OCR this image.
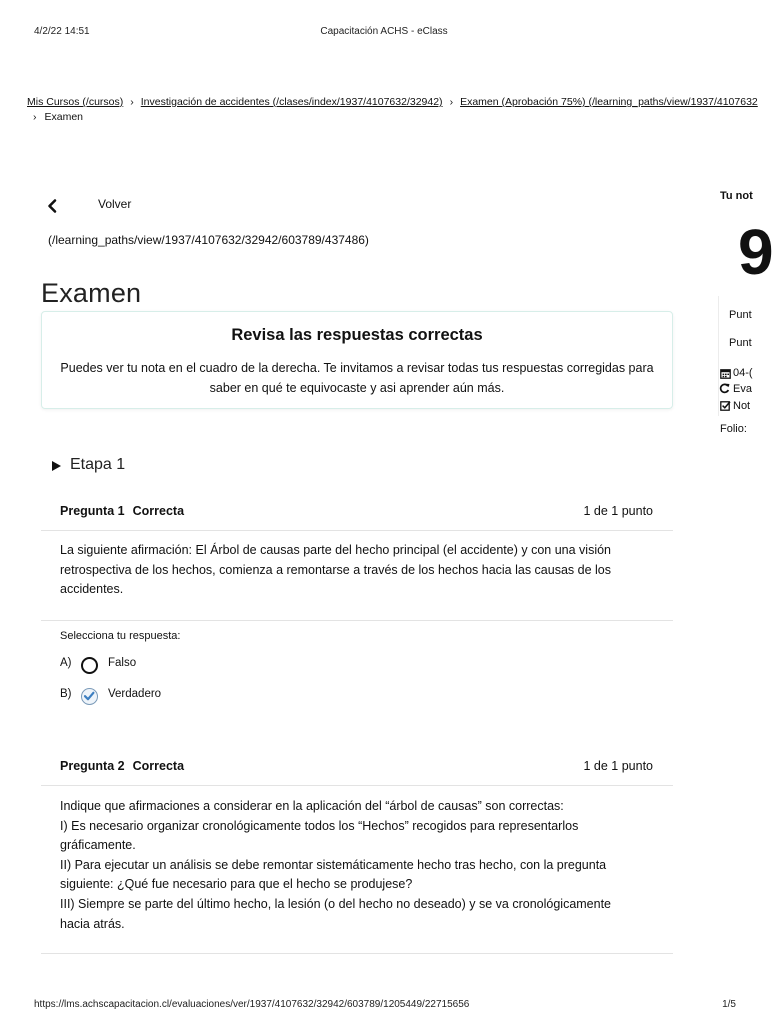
4/2/22 14:51	Capacitación ACHS - eClass
Mis Cursos (/cursos) › Investigación de accidentes (/clases/index/1937/4107632/32942) › Examen (Aprobación 75%) (/learning_paths/view/1937/4107632
› Examen
Volver
(/learning_paths/view/1937/4107632/32942/603789/437486)
Examen
Revisa las respuestas correctas

Puedes ver tu nota en el cuadro de la derecha. Te invitamos a revisar todas tus respuestas corregidas para saber en qué te equivocaste y asi aprender aún más.

Etapa 1
Pregunta 1 Correcta	1 de 1 punto
La siguiente afirmación: El Árbol de causas parte del hecho principal (el accidente) y con una visión retrospectiva de los hechos, comienza a remontarse a través de los hechos hacia las causas de los accidentes.
Selecciona tu respuesta:
A)	Falso
B)	Verdadero
Pregunta 2 Correcta	1 de 1 punto

Indique que afirmaciones a considerar en la aplicación del “árbol de causas” son correctas:

I) Es necesario organizar cronológicamente todos los “Hechos” recogidos para representarlos gráficamente.

II) Para ejecutar un análisis se debe remontar sistemáticamente hecho tras hecho, con la pregunta siguiente: ¿Qué fue necesario para que el hecho se produjese?

III) Siempre se parte del último hecho, la lesión (o del hecho no deseado) y se va cronológicamente hacia atrás.

Tu not
9
Punt
Punt
04-(
Eva
Not
Folio:
https://lms.achscapacitacion.cl/evaluaciones/ver/1937/4107632/32942/603789/1205449/22715656	1/5
